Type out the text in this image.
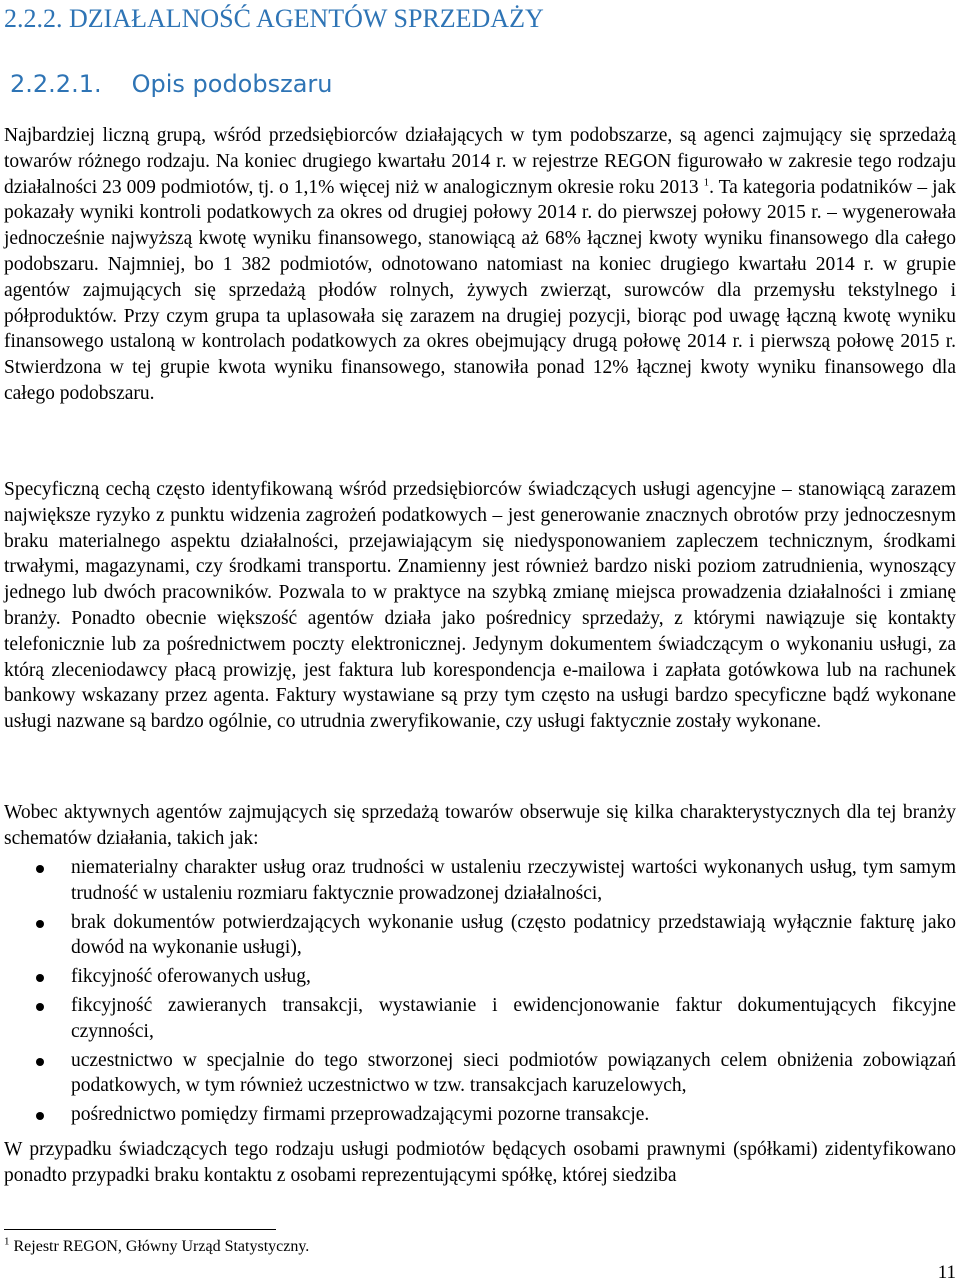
2.2.2. DZIAŁALNOŚĆ AGENTÓW SPRZEDAŻY
2.2.2.1. Opis podobszaru

Najbardziej liczną grupą, wśród przedsiębiorców działających w tym podobszarze, są agenci zajmujący się sprzedażą towarów różnego rodzaju. Na koniec drugiego kwartału 2014 r. w rejestrze REGON figurowało w zakresie tego rodzaju działalności 23 009 podmiotów, tj. o 1,1% więcej niż w analogicznym okresie roku 2013 $^1$. Ta kategoria podatników – jak pokazały wyniki kontroli podatkowych za okres od drugiej połowy 2014 r. do pierwszej połowy 2015 r. – wygenerowała jednocześnie najwyższą kwotę wyniku finansowego, stanowiącą aż 68% łącznej kwoty wyniku finansowego dla całego podobszaru. Najmniej, bo 1 382 podmiotów, odnotowano natomiast na koniec drugiego kwartału 2014 r. w grupie agentów zajmujących się sprzedażą płodów rolnych, żywych zwierząt, surowców dla przemysłu tekstylnego i półproduktów. Przy czym grupa ta uplasowała się zarazem na drugiej pozycji, biorąc pod uwagę łączną kwotę wyniku finansowego ustaloną w kontrolach podatkowych za okres obejmujący drugą połowę 2014 r. i pierwszą połowę 2015 r. Stwierdzona w tej grupie kwota wyniku finansowego, stanowiła ponad 12% łącznej kwoty wyniku finansowego dla całego podobszaru.

Specyficzną cechą często identyfikowaną wśród przedsiębiorców świadczących usługi agencyjne – stanowiącą zarazem największe ryzyko z punktu widzenia zagrożeń podatkowych – jest generowanie znacznych obrotów przy jednoczesnym braku materialnego aspektu działalności, przejawiającym się niedysponowaniem zapleczem technicznym, środkami trwałymi, magazynami, czy środkami transportu. Znamienny jest również bardzo niski poziom zatrudnienia, wynoszący jednego lub dwóch pracowników. Pozwala to w praktyce na szybką zmianę miejsca prowadzenia działalności i zmianę branży. Ponadto obecnie większość agentów działa jako pośrednicy sprzedaży, z którymi nawiązuje się kontakty telefonicznie lub za pośrednictwem poczty elektronicznej. Jedynym dokumentem świadczącym o wykonaniu usługi, za którą zleceniodawcy płacą prowizję, jest faktura lub korespondencja e-mailowa i zapłata gotówkowa lub na rachunek bankowy wskazany przez agenta. Faktury wystawiane są przy tym często na usługi bardzo specyficzne bądź wykonane usługi nazwane są bardzo ogólnie, co utrudnia zweryfikowanie, czy usługi faktycznie zostały wykonane.

Wobec aktywnych agentów zajmujących się sprzedażą towarów obserwuje się kilka charakterystycznych dla tej branży schematów działania, takich jak:

niematerialny charakter usług oraz trudności w ustaleniu rzeczywistej wartości wykonanych usług, tym samym trudność w ustaleniu rozmiaru faktycznie prowadzonej działalności,
brak dokumentów potwierdzających wykonanie usług (często podatnicy przedstawiają wyłącznie fakturę jako dowód na wykonanie usługi),
fikcyjność oferowanych usług,
fikcyjność zawieranych transakcji, wystawianie i ewidencjonowanie faktur dokumentujących fikcyjne czynności,
uczestnictwo w specjalnie do tego stworzonej sieci podmiotów powiązanych celem obniżenia zobowiązań podatkowych, w tym również uczestnictwo w tzw. transakcjach karuzelowych,
pośrednictwo pomiędzy firmami przeprowadzającymi pozorne transakcje.

W przypadku świadczących tego rodzaju usługi podmiotów będących osobami prawnymi (spółkami) zidentyfikowano ponadto przypadki braku kontaktu z osobami reprezentującymi spółkę, której siedziba

$^1$ Rejestr REGON, Główny Urząd Statystyczny.
11
